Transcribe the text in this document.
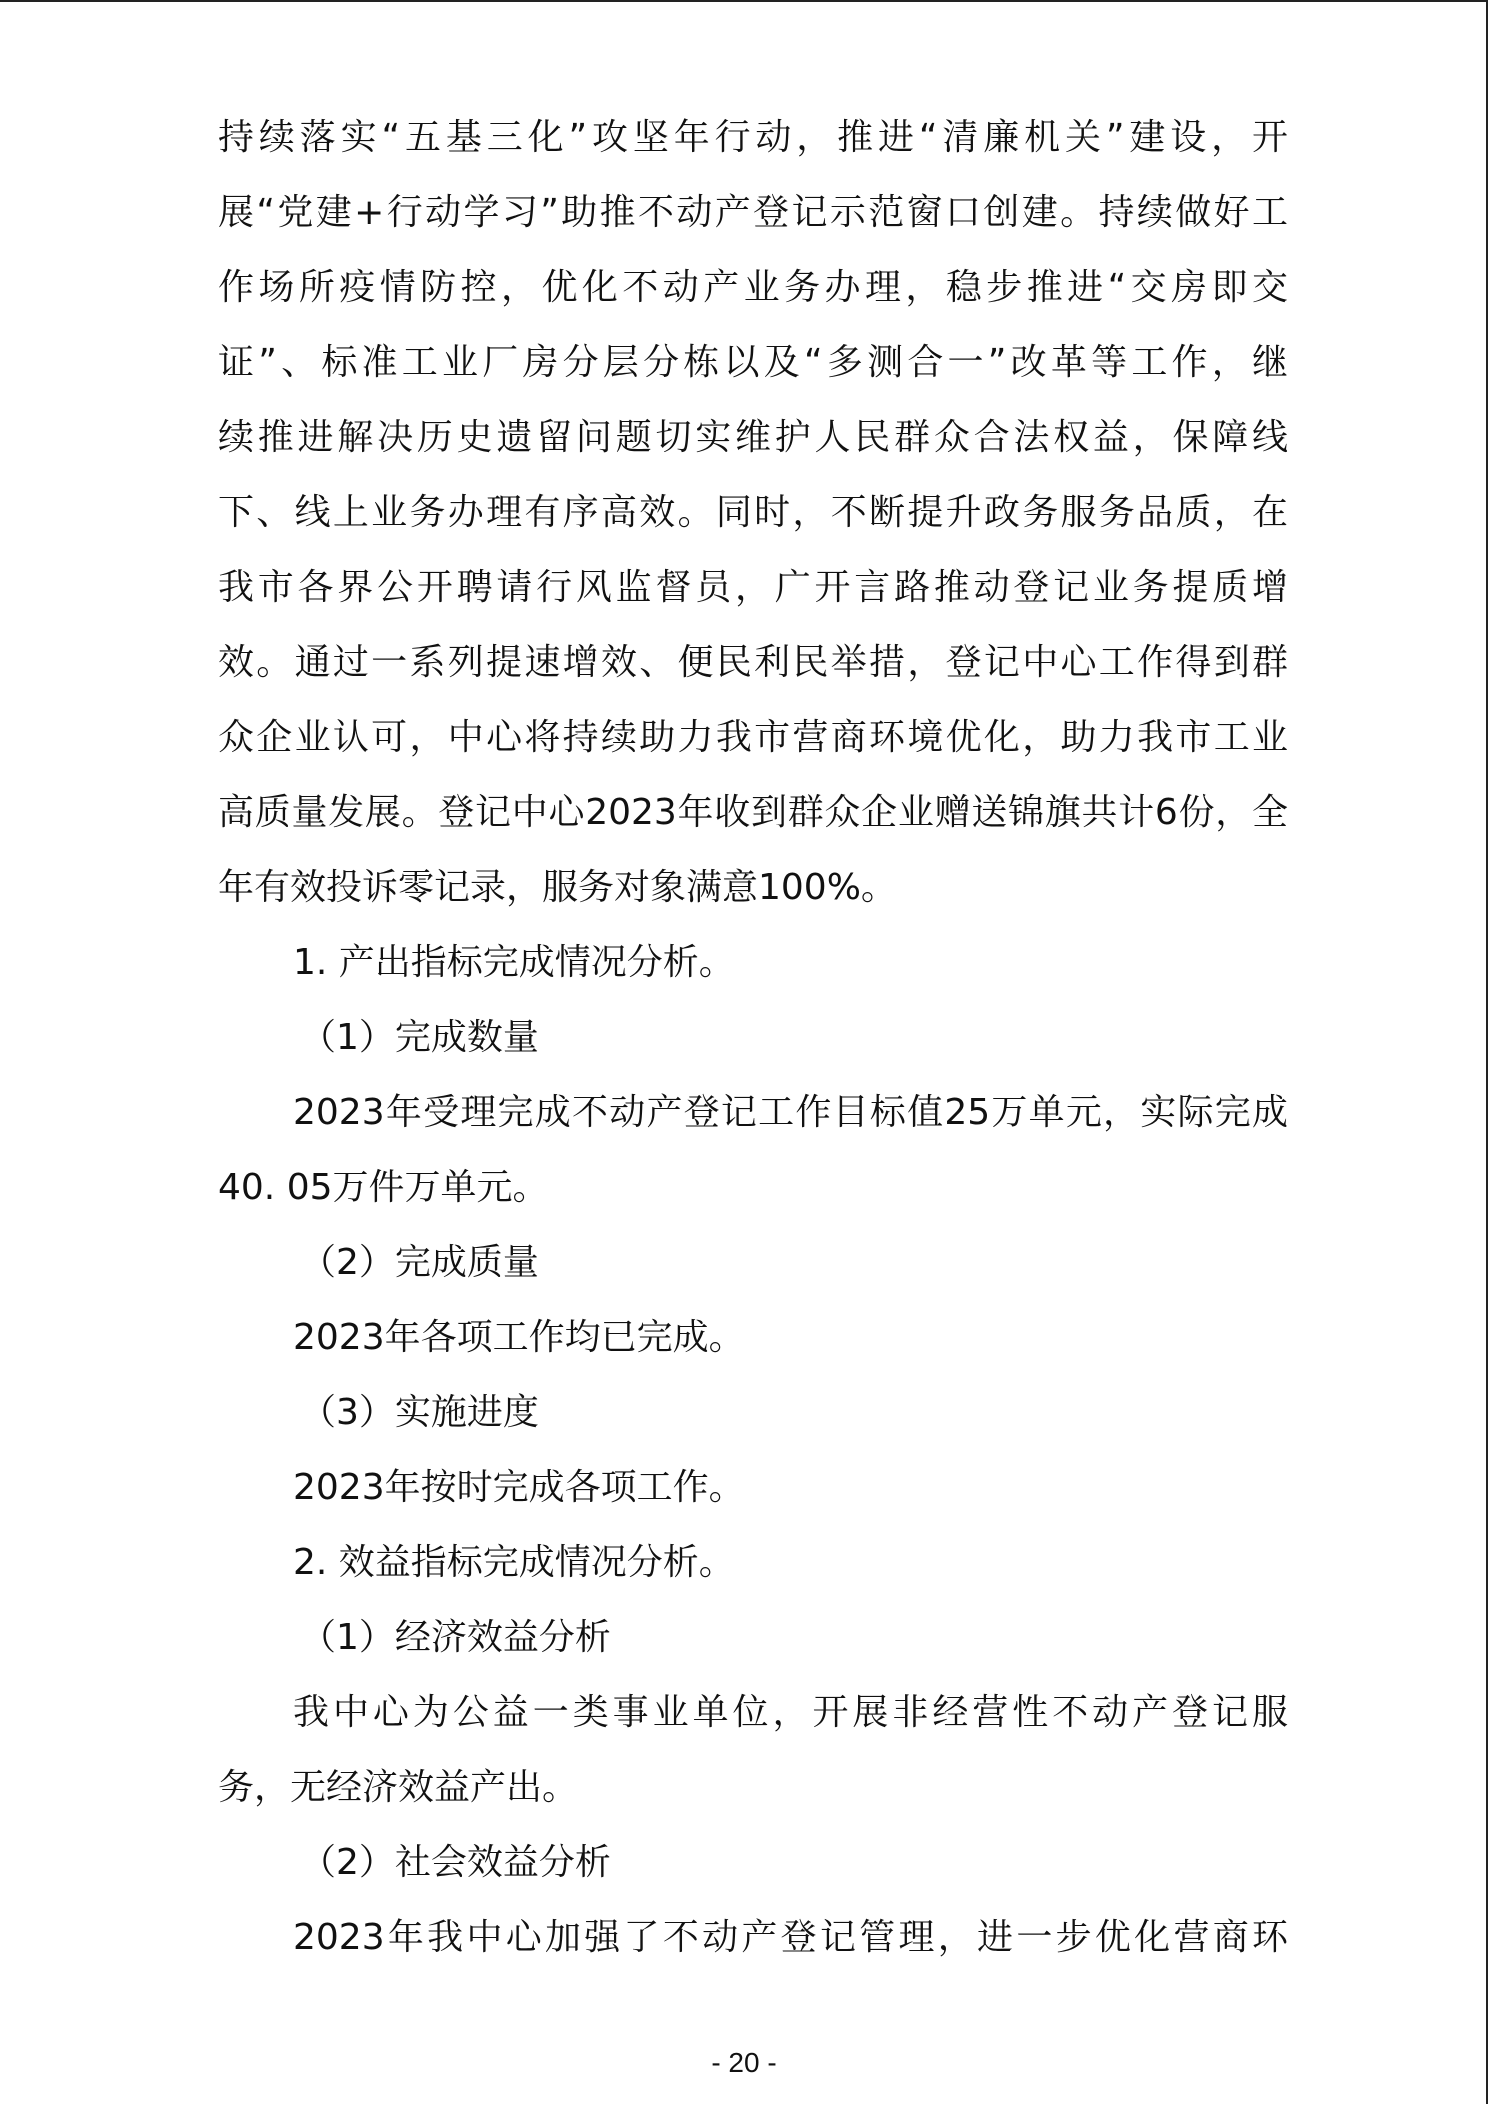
持续落实“五基三化”攻坚年行动，推进“清廉机关”建设，开
展“党建+行动学习”助推不动产登记示范窗口创建。持续做好工
作场所疫情防控，优化不动产业务办理，稳步推进“交房即交
证”、标准工业厂房分层分栋以及“多测合一”改革等工作，继
续推进解决历史遗留问题切实维护人民群众合法权益，保障线
下、线上业务办理有序高效。同时，不断提升政务服务品质，在
我市各界公开聘请行风监督员，广开言路推动登记业务提质增
效。通过一系列提速增效、便民利民举措，登记中心工作得到群
众企业认可，中心将持续助力我市营商环境优化，助力我市工业
高质量发展。登记中心2023年收到群众企业赠送锦旗共计6份，全
年有效投诉零记录，服务对象满意100%。
1. 产出指标完成情况分析。
（1）完成数量
2023年受理完成不动产登记工作目标值25万单元，实际完成
40. 05万件万单元。
（2）完成质量
2023年各项工作均已完成。
（3）实施进度
2023年按时完成各项工作。
2. 效益指标完成情况分析。
（1）经济效益分析
我中心为公益一类事业单位，开展非经营性不动产登记服
务，无经济效益产出。
（2）社会效益分析
2023年我中心加强了不动产登记管理，进一步优化营商环
- 20 -
